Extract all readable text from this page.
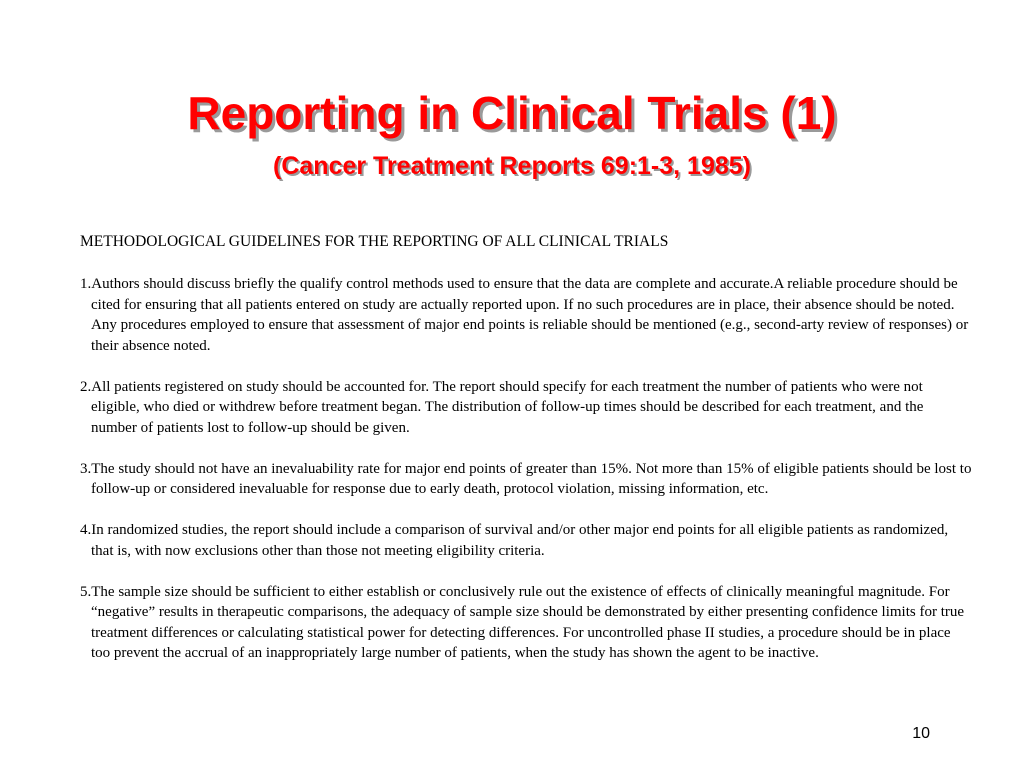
Reporting in Clinical Trials (1)
(Cancer Treatment Reports 69:1-3, 1985)
METHODOLOGICAL GUIDELINES FOR THE REPORTING OF ALL CLINICAL TRIALS
1.Authors should discuss briefly the qualify control methods used to ensure that the data are complete and accurate.A reliable procedure should be cited for ensuring that all patients entered on study are actually reported upon. If no such procedures are in place, their absence should be noted. Any procedures employed to ensure that assessment of major end points is reliable should be mentioned (e.g., second-arty review of responses) or their absence noted.
2.All patients registered on study should be accounted for. The report should specify for each treatment the number of patients who were not eligible, who died or withdrew before treatment began. The distribution of follow-up times should be described for each treatment, and the number of patients lost to follow-up should be given.
3.The study should not have an inevaluability rate for major end points of greater than 15%. Not more than 15% of eligible patients should be lost to follow-up or considered inevaluable for response due to early death, protocol violation, missing information, etc.
4.In randomized studies, the report should include a comparison of survival and/or other major end points for all eligible patients as randomized, that is, with now exclusions other than those not meeting eligibility criteria.
5.The sample size should be sufficient to either establish or conclusively rule out the existence of effects of clinically meaningful magnitude. For “negative” results in therapeutic comparisons, the adequacy of sample size should be demonstrated by either presenting confidence limits for true treatment differences or calculating statistical power for detecting differences. For uncontrolled phase II studies, a procedure should be in place too prevent the accrual of an inappropriately large number of patients, when the study has shown the agent to be inactive.
10
